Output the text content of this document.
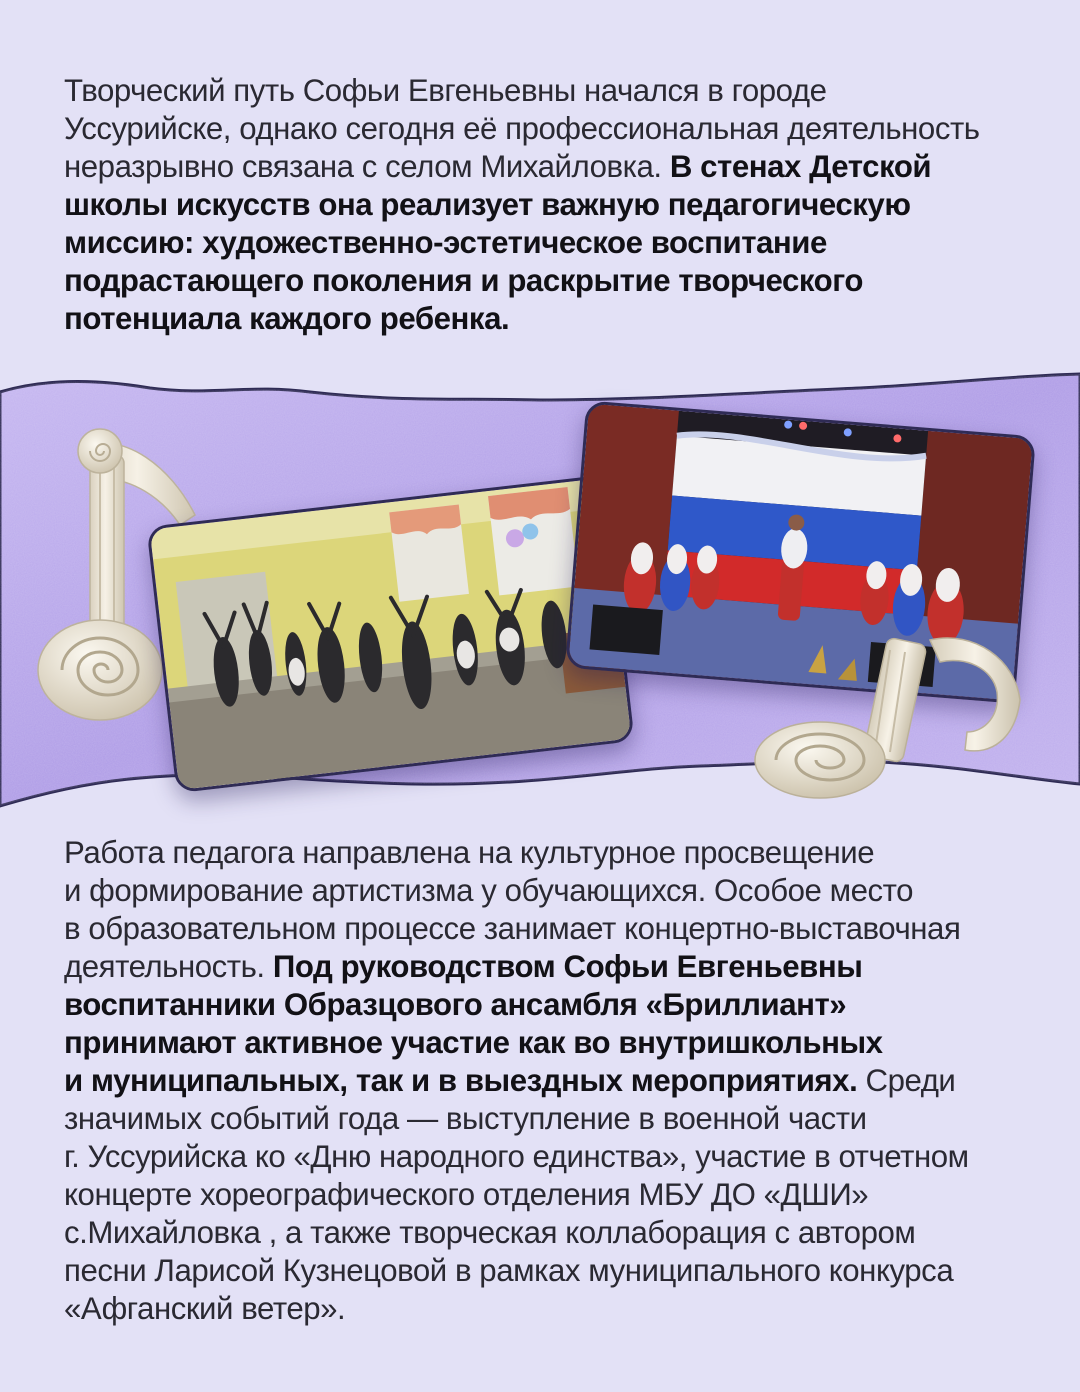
Творческий путь Софьи Евгеньевны начался в городе
Уссурийске, однако сегодня её профессиональная деятельность
неразрывно связана с селом Михайловка. В стенах Детской
школы искусств она реализует важную педагогическую
миссию: художественно-эстетическое воспитание
подрастающего поколения и раскрытие творческого
потенциала каждого ребенка.
Работа педагога направлена на культурное просвещение
и формирование артистизма у обучающихся. Особое место
в образовательном процессе занимает концертно-выставочная
деятельность. Под руководством Софьи Евгеньевны
воспитанники Образцового ансамбля «Бриллиант»
принимают активное участие как во внутришкольных
и муниципальных, так и в выездных мероприятиях. Среди
значимых событий года — выступление в военной части
г. Уссурийска ко «Дню народного единства», участие в отчетном
концерте хореографического отделения МБУ ДО «ДШИ»
с.Михайловка , а также творческая коллаборация с автором
песни Ларисой Кузнецовой в рамках муниципального конкурса
«Афганский ветер».
